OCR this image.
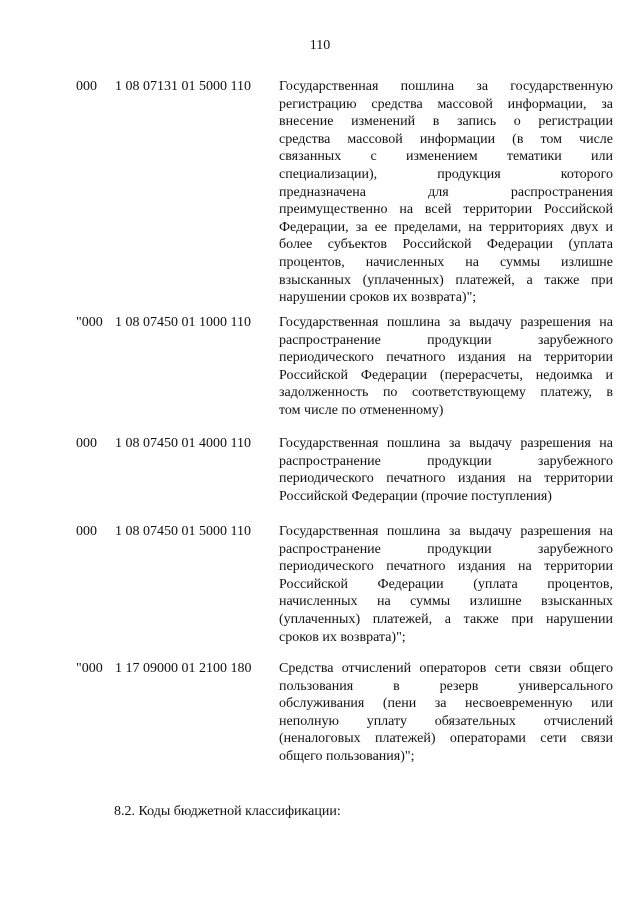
110
000 1 08 07131 01 5000 110 Государственная пошлина за государственную
регистрацию средства массовой информации, за
внесение изменений в запись о регистрации
средства массовой информации (в том числе
связанных с изменением тематики или
специализации), продукция которого
предназначена для распространения
преимущественно на всей территории Российской
Федерации, за ее пределами, на территориях двух и
более субъектов Российской Федерации (уплата
процентов, начисленных на суммы излишне
взысканных (уплаченных) платежей, а также при
нарушении сроков их возврата)";
"000 1 08 07450 01 1000 110 Государственная пошлина за выдачу разрешения на
распространение продукции зарубежного
периодического печатного издания на территории
Российской Федерации (перерасчеты, недоимка и
задолженность по соответствующему платежу, в
том числе по отмененному)
000 1 08 07450 01 4000 110 Государственная пошлина за выдачу разрешения на
распространение продукции зарубежного
периодического печатного издания на территории
Российской Федерации (прочие поступления)
000 1 08 07450 01 5000 110 Государственная пошлина за выдачу разрешения на
распространение продукции зарубежного
периодического печатного издания на территории
Российской Федерации (уплата процентов,
начисленных на суммы излишне взысканных
(уплаченных) платежей, а также при нарушении
сроков их возврата)";
"000 1 17 09000 01 2100 180 Средства отчислений операторов сети связи общего
пользования в резерв универсального
обслуживания (пени за несвоевременную или
неполную уплату обязательных отчислений
(неналоговых платежей) операторами сети связи
общего пользования)";
8.2. Коды бюджетной классификации:
